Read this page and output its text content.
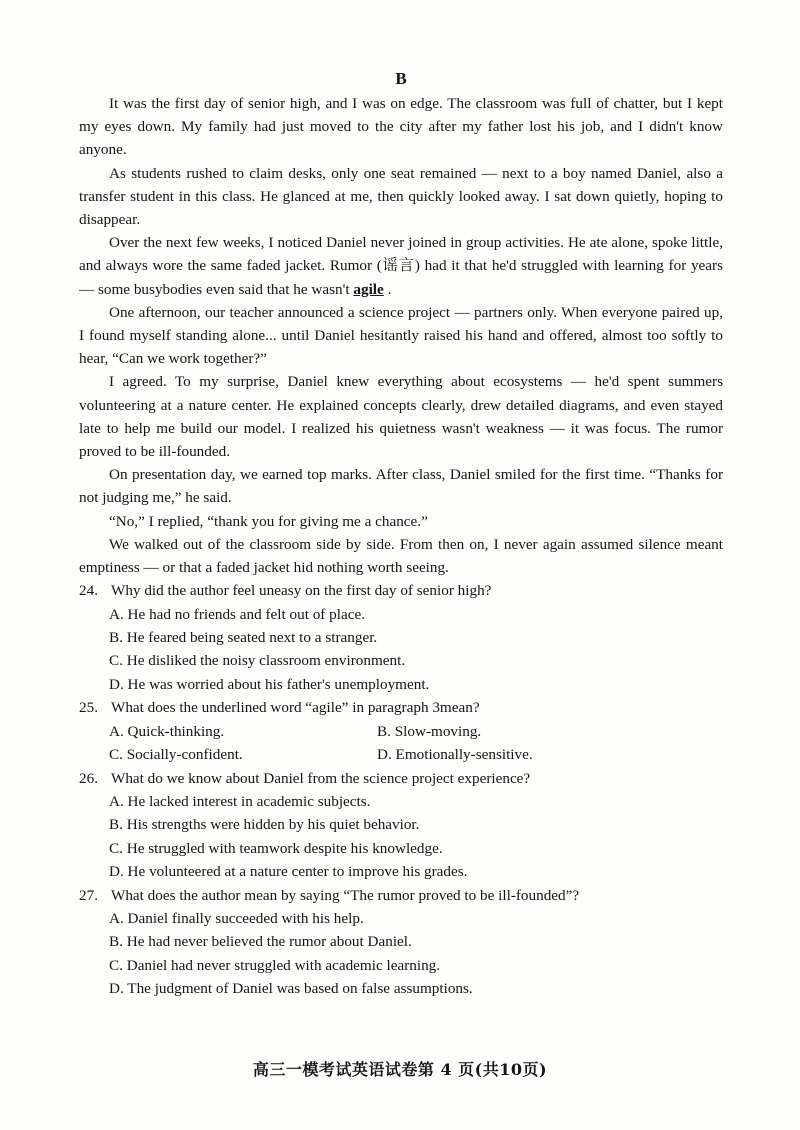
B

It was the first day of senior high, and I was on edge. The classroom was full of chatter, but I kept my eyes down. My family had just moved to the city after my father lost his job, and I didn't know anyone.

As students rushed to claim desks, only one seat remained — next to a boy named Daniel, also a transfer student in this class. He glanced at me, then quickly looked away. I sat down quietly, hoping to disappear.

Over the next few weeks, I noticed Daniel never joined in group activities. He ate alone, spoke little, and always wore the same faded jacket. Rumor (谣言) had it that he'd struggled with learning for years — some busybodies even said that he wasn't agile .

One afternoon, our teacher announced a science project — partners only. When everyone paired up, I found myself standing alone... until Daniel hesitantly raised his hand and offered, almost too softly to hear, “Can we work together?”

I agreed. To my surprise, Daniel knew everything about ecosystems — he'd spent summers volunteering at a nature center. He explained concepts clearly, drew detailed diagrams, and even stayed late to help me build our model. I realized his quietness wasn't weakness — it was focus. The rumor proved to be ill-founded.

On presentation day, we earned top marks. After class, Daniel smiled for the first time. “Thanks for not judging me,” he said.

“No,” I replied, “thank you for giving me a chance.”

We walked out of the classroom side by side. From then on, I never again assumed silence meant emptiness — or that a faded jacket hid nothing worth seeing.

24. Why did the author feel uneasy on the first day of senior high?

A. He had no friends and felt out of place.

B. He feared being seated next to a stranger.

C. He disliked the noisy classroom environment.

D. He was worried about his father's unemployment.

25. What does the underlined word “agile” in paragraph 3mean?

A. Quick-thinking.	B. Slow-moving.

C. Socially-confident.	D. Emotionally-sensitive.

26. What do we know about Daniel from the science project experience?

A. He lacked interest in academic subjects.

B. His strengths were hidden by his quiet behavior.

C. He struggled with teamwork despite his knowledge.

D. He volunteered at a nature center to improve his grades.

27. What does the author mean by saying “The rumor proved to be ill-founded”?

A. Daniel finally succeeded with his help.

B. He had never believed the rumor about Daniel.

C. Daniel had never struggled with academic learning.

D. The judgment of Daniel was based on false assumptions.

高三一模考试英语试卷第 4 页(共10页)
